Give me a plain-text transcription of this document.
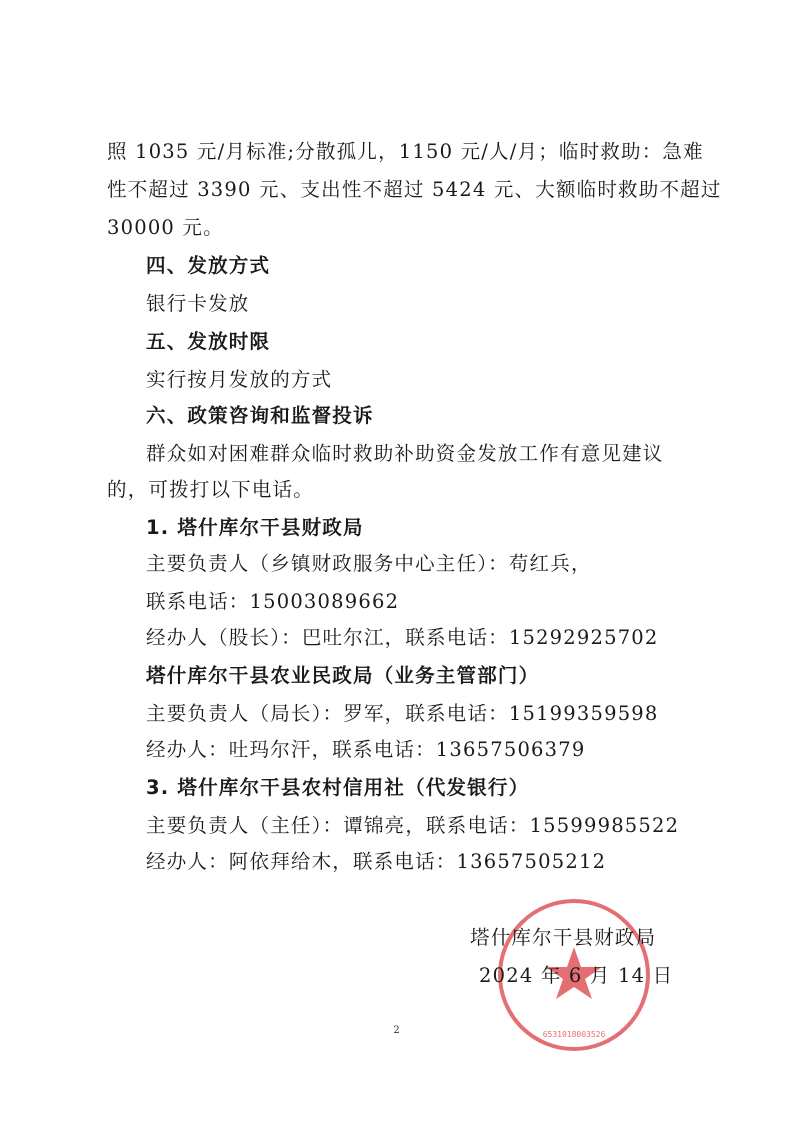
照 1035 元/月标准;分散孤儿，1150 元/人/月；临时救助：急难
性不超过 3390 元、支出性不超过 5424 元、大额临时救助不超过
30000 元。
四、发放方式
银行卡发放
五、发放时限
实行按月发放的方式
六、政策咨询和监督投诉
群众如对困难群众临时救助补助资金发放工作有意见建议
的，可拨打以下电话。
1. 塔什库尔干县财政局
主要负责人（乡镇财政服务中心主任）：苟红兵，
联系电话：15003089662
经办人（股长）：巴吐尔江，联系电话：15292925702
塔什库尔干县农业民政局（业务主管部门）
主要负责人（局长）：罗军，联系电话：15199359598
经办人：吐玛尔汗，联系电话：13657506379
3. 塔什库尔干县农村信用社（代发银行）
主要负责人（主任）：谭锦亮，联系电话：15599985522
经办人：阿依拜给木，联系电话：13657505212
6531018003526
塔什库尔干县财政局
2024 年 6 月 14 日
2
